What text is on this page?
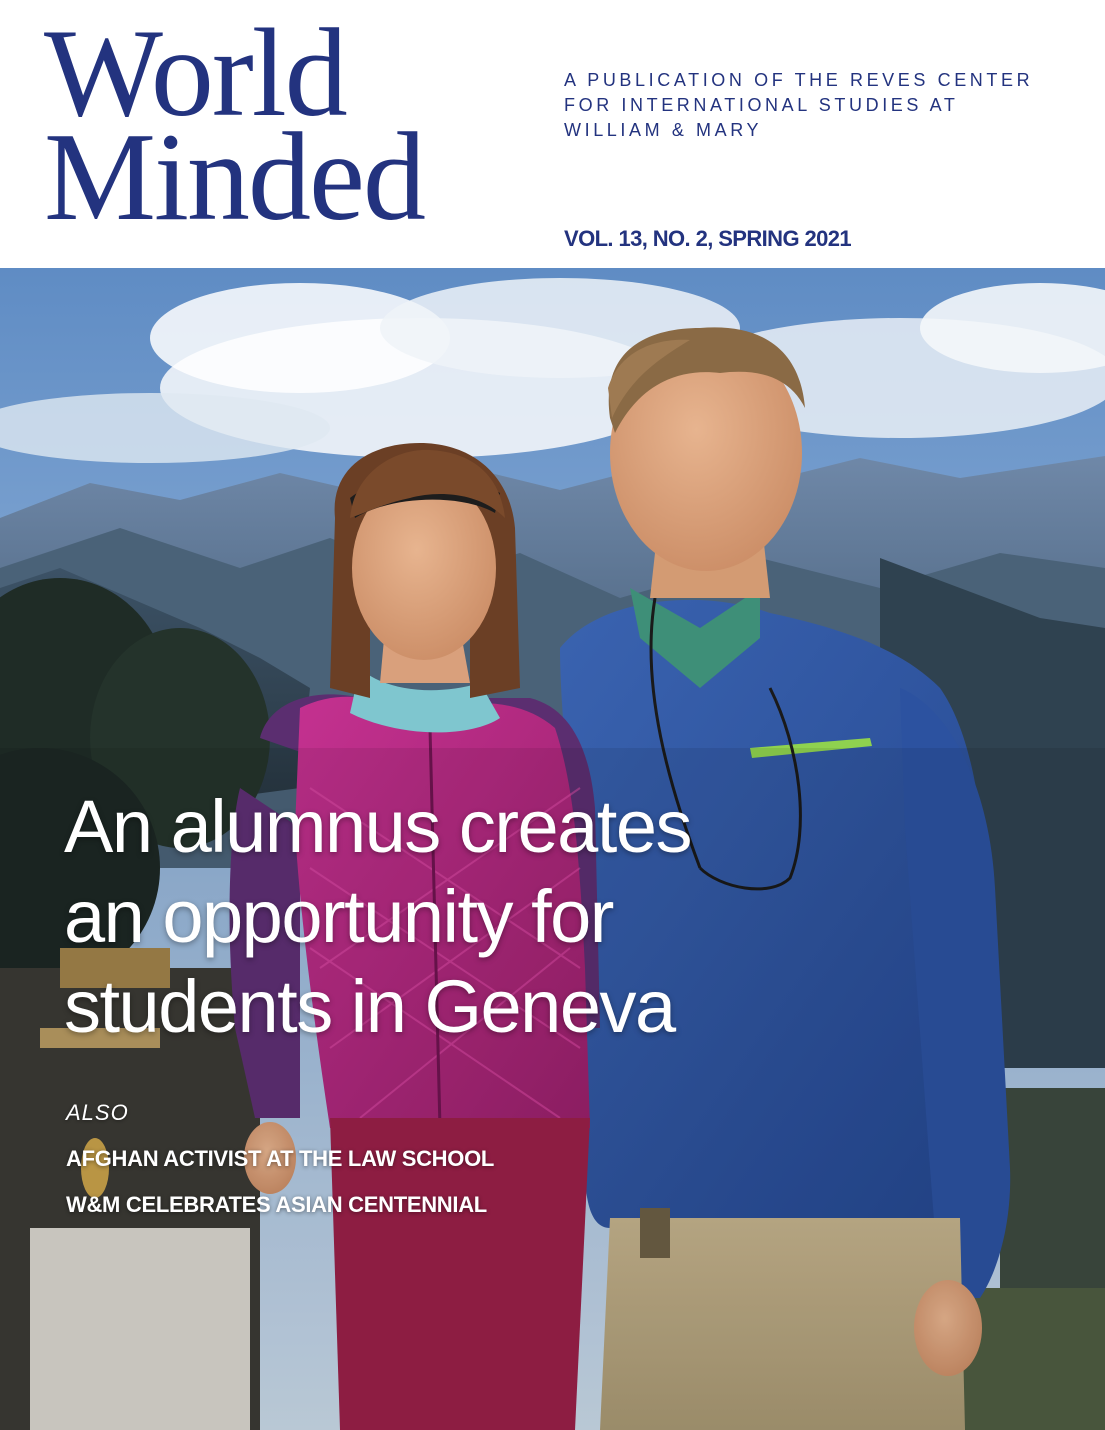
World
Minded
A PUBLICATION OF THE REVES CENTER
FOR INTERNATIONAL STUDIES AT
WILLIAM & MARY
VOL. 13, NO. 2, SPRING 2021
An alumnus creates
an opportunity for
students in Geneva
ALSO
AFGHAN ACTIVIST AT THE LAW SCHOOL
W&M CELEBRATES ASIAN CENTENNIAL
